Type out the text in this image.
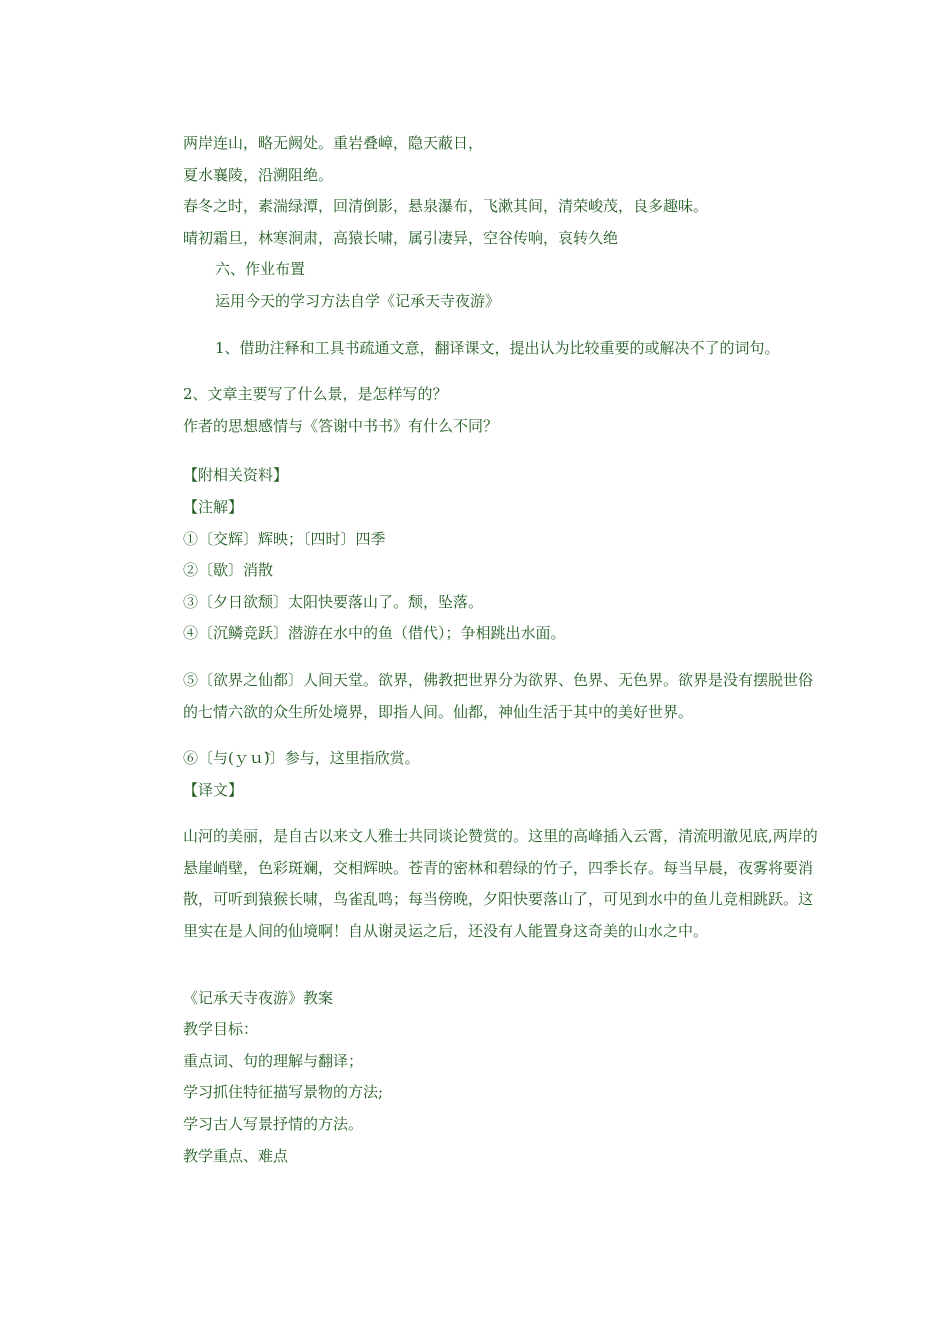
两岸连山，略无阙处。重岩叠嶂，隐天蔽日，

夏水襄陵，沿溯阻绝。

春冬之时，素湍绿潭，回清倒影，悬泉瀑布，飞漱其间，清荣峻茂，良多趣味。

晴初霜旦，林寒涧肃，高猿长啸，属引凄异，空谷传响，哀转久绝

六、作业布置

运用今天的学习方法自学《记承天寺夜游》

1、借助注释和工具书疏通文意，翻译课文，提出认为比较重要的或解决不了的词句。

2、文章主要写了什么景，是怎样写的？

作者的思想感情与《答谢中书书》有什么不同？

【附相关资料】

【注解】

①〔交辉〕辉映；〔四时〕四季

②〔歇〕消散

③〔夕日欲颓〕太阳快要落山了。颓，坠落。

④〔沉鳞竞跃〕潜游在水中的鱼（借代）；争相跳出水面。

⑤〔欲界之仙都〕人间天堂。欲界，佛教把世界分为欲界、色界、无色界。欲界是没有摆脱世俗的七情六欲的众生所处境界，即指人间。仙都，神仙生活于其中的美好世界。

⑥〔与(ｙｕ̀)〕参与，这里指欣赏。

【译文】

山河的美丽，是自古以来文人雅士共同谈论赞赏的。这里的高峰插入云霄，清流明澈见底,两岸的悬崖峭壁，色彩斑斓，交相辉映。苍青的密林和碧绿的竹子，四季长存。每当早晨，夜雾将要消散，可听到猿猴长啸，鸟雀乱鸣；每当傍晚，夕阳快要落山了，可见到水中的鱼儿竞相跳跃。这里实在是人间的仙境啊！自从谢灵运之后，还没有人能置身这奇美的山水之中。

《记承天寺夜游》教案

教学目标：

重点词、句的理解与翻译；

学习抓住特征描写景物的方法;

学习古人写景抒情的方法。

教学重点、难点
